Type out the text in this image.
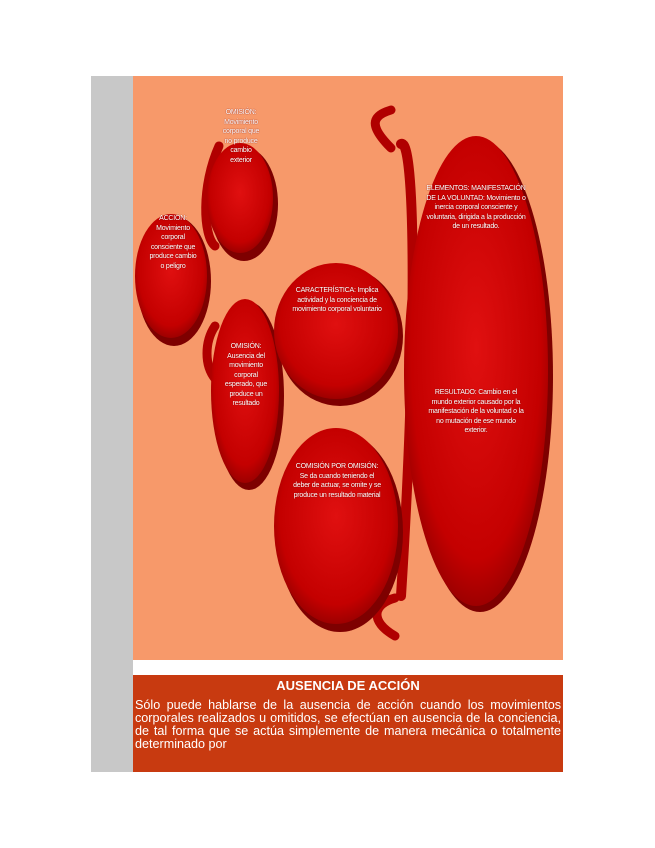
OMISIÓN: Movimiento corporal que no produce cambio exterior
ACCIÓN: Movimiento corporal consciente que produce cambio o peligro
OMISIÓN: Ausencia del movimiento corporal esperado, que produce un resultado
CARACTERÍSTICA: Implica actividad y la conciencia de movimiento corporal voluntario
COMISIÓN POR OMISIÓN: Se da cuando teniendo el deber de actuar, se omite y se produce un resultado material
ELEMENTOS: MANIFESTACIÓN DE LA VOLUNTAD: Movimiento o inercia corporal consciente y voluntaria, dirigida a la producción de un resultado.
RESULTADO: Cambio en el mundo exterior causado por la manifestación de la voluntad o la no mutación de ese mundo exterior.
AUSENCIA DE ACCIÓN

Sólo puede hablarse de la ausencia de acción cuando los movimientos corporales realizados u omitidos, se efectúan en ausencia de la conciencia, de tal forma que se actúa simplemente de manera mecánica o totalmente determinado por
